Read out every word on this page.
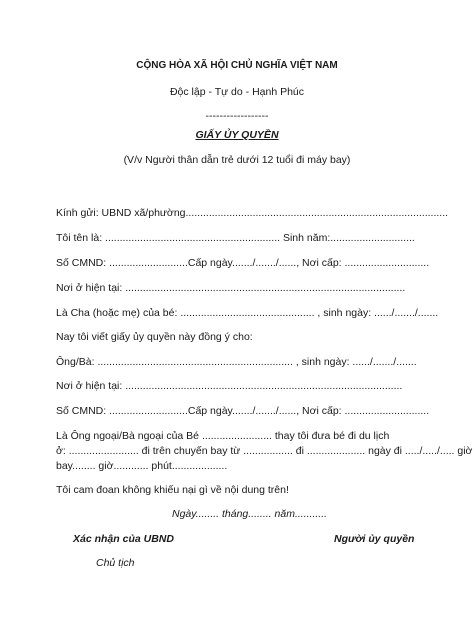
CỘNG HÒA XÃ HỘI CHỦ NGHĨA VIỆT NAM
Độc lập - Tự do - Hạnh Phúc
------------------
GIẤY ỦY QUYỀN
(V/v Người thân dẫn trẻ dưới 12 tuổi đi máy bay)
Kính gửi: UBND xã/phường..........................................................................................
Tôi tên là: ............................................................ Sinh năm:.............................
Số CMND: ...........................Cấp ngày......./......./......, Nơi cấp: .............................
Nơi ở hiện tại: ................................................................................................
Là Cha (hoặc mẹ) của bé: .............................................. , sinh ngày: ....../......./.......
Nay tôi viết giấy ủy quyền này đồng ý cho:
Ông/Bà: ................................................................... , sinh ngày: ....../......./.......
Nơi ở hiện tại: ...............................................................................................
Số CMND: ...........................Cấp ngày......./......./......, Nơi cấp: .............................
Là Ông ngoại/Bà ngoại của Bé ........................ thay tôi đưa bé đi du lịch
ở: ........................ đi trên chuyến bay từ ................. đi .................... ngày đi ...../...../..... giờ
bay........ giờ............ phút...................
Tôi cam đoan không khiếu nại gì về nội dung trên!
Ngày........ tháng........ năm...........
Xác nhận của UBND	Người ủy quyền
Chủ tịch
